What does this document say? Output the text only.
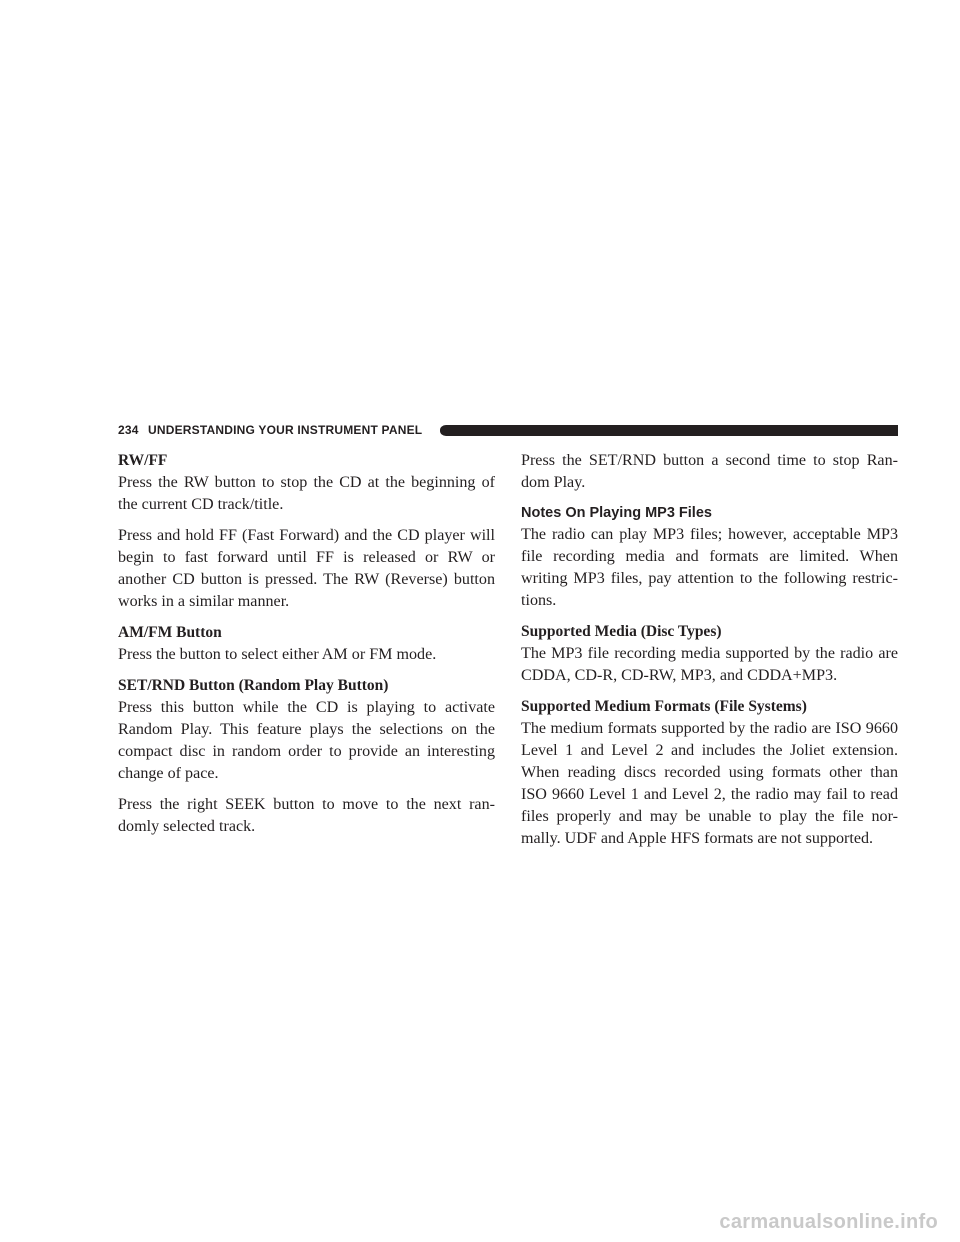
234 UNDERSTANDING YOUR INSTRUMENT PANEL
RW/FF

Press the RW button to stop the CD at the beginning of the current CD track/title.

Press and hold FF (Fast Forward) and the CD player will begin to fast forward until FF is released or RW or another CD button is pressed. The RW (Reverse) button works in a similar manner.

AM/FM Button

Press the button to select either AM or FM mode.

SET/RND Button (Random Play Button)

Press this button while the CD is playing to activate Random Play. This feature plays the selections on the compact disc in random order to provide an interesting change of pace.

Press the right SEEK button to move to the next ran-domly selected track.

Press the SET/RND button a second time to stop Ran-dom Play.

Notes On Playing MP3 Files

The radio can play MP3 files; however, acceptable MP3 file recording media and formats are limited. When writing MP3 files, pay attention to the following restric-tions.

Supported Media (Disc Types)

The MP3 file recording media supported by the radio are CDDA, CD-R, CD-RW, MP3, and CDDA+MP3.

Supported Medium Formats (File Systems)

The medium formats supported by the radio are ISO 9660 Level 1 and Level 2 and includes the Joliet extension. When reading discs recorded using formats other than ISO 9660 Level 1 and Level 2, the radio may fail to read files properly and may be unable to play the file nor-mally. UDF and Apple HFS formats are not supported.

carmanualsonline.info
